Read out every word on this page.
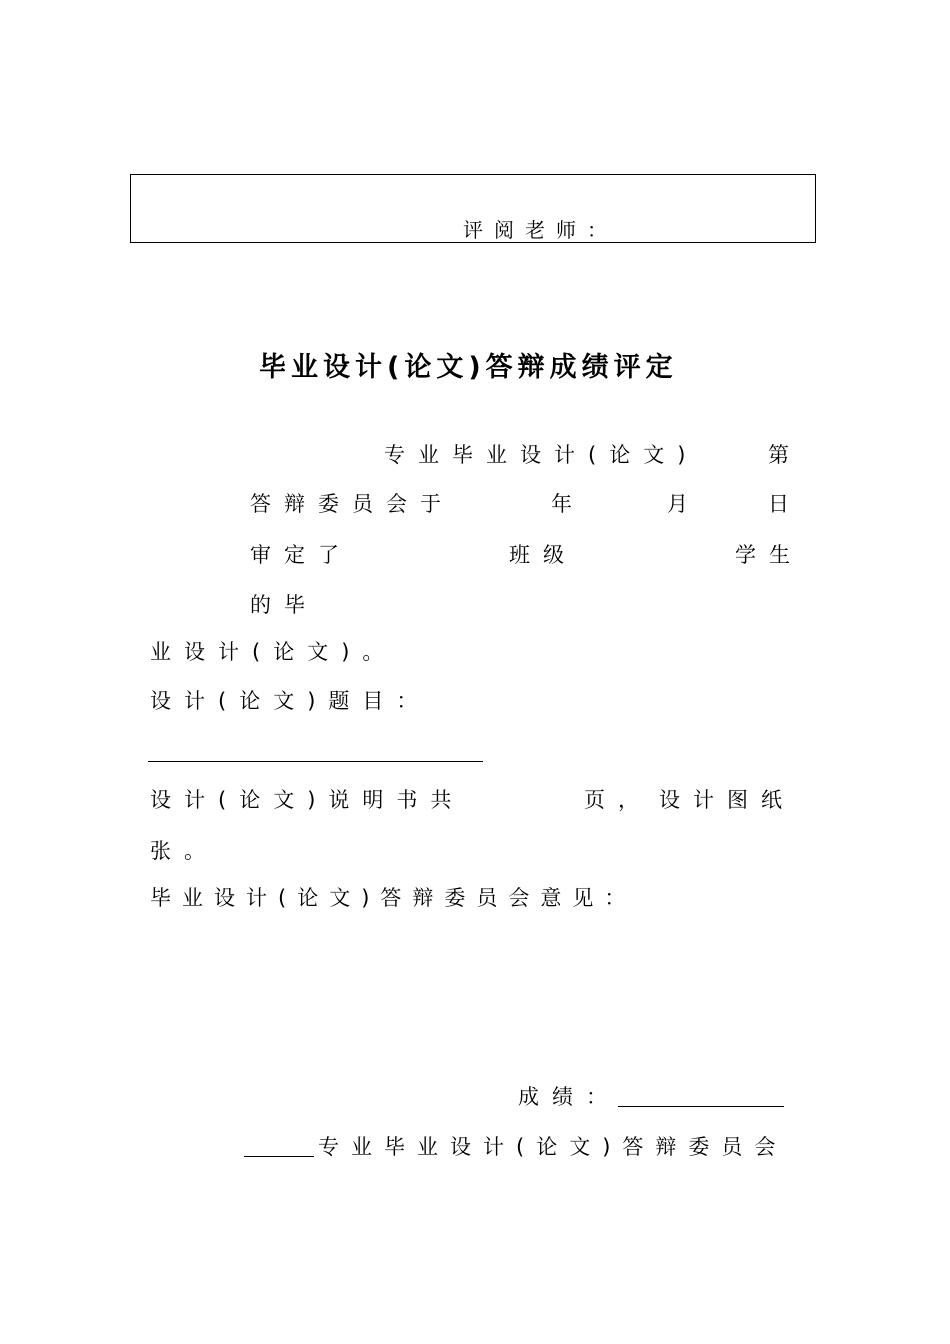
评阅老师：
毕业设计(论文)答辩成绩评定
专业毕业设计(论文)	第
答辩委员会于	年	月	日
审定了	班级	学生
的毕
业设计(论文)。
设计(论文)题目：
设计(论文)说明书共	页， 设计图纸
张。
毕业设计(论文)答辩委员会意见：
成绩：
专业毕业设计(论文)答辩委员会
